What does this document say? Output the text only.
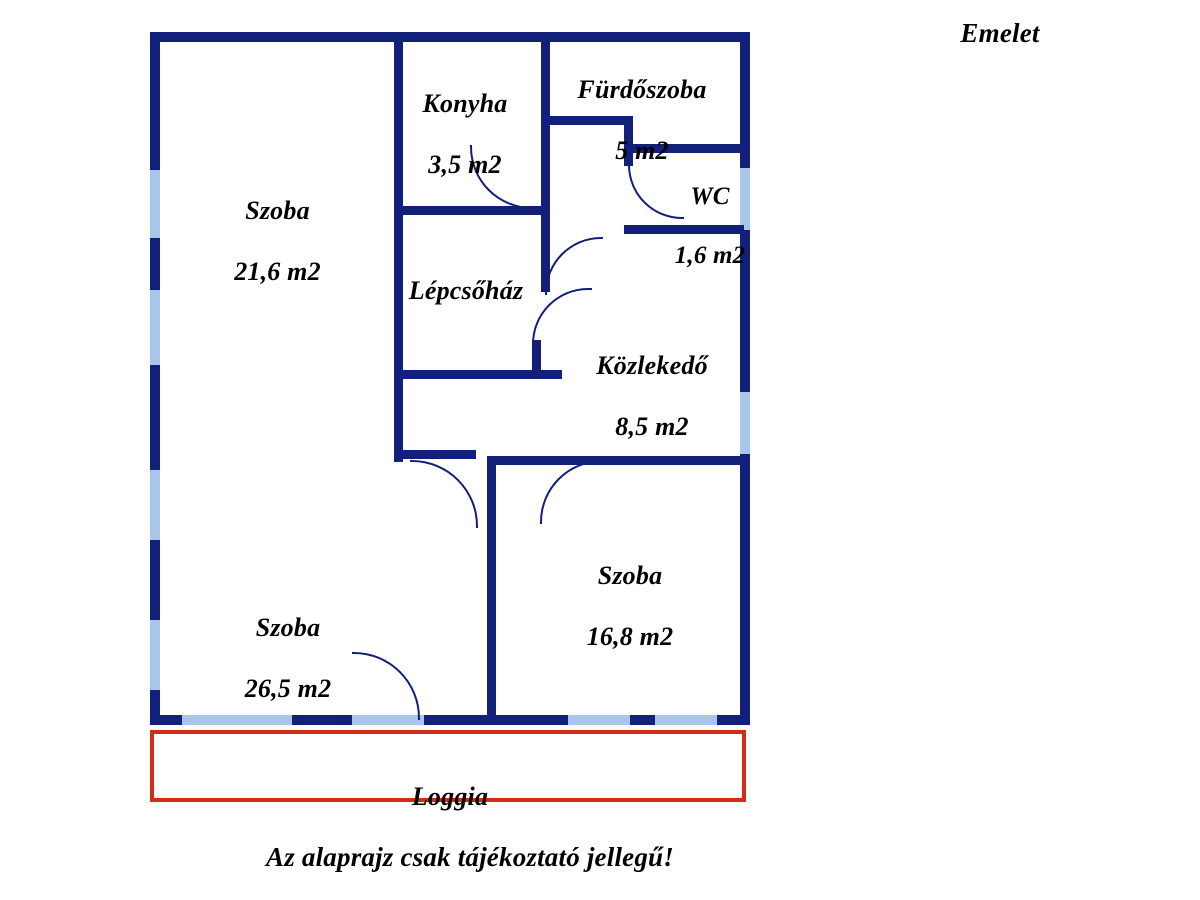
Emelet

Szoba

21,6 m2

Konyha

3,5 m2

Fürdőszoba

5 m2

WC

1,6 m2

Lépcsőház

Közlekedő

8,5 m2

Szoba

16,8 m2

Szoba

26,5 m2

Loggia

Az alaprajz csak tájékoztató jellegű!
